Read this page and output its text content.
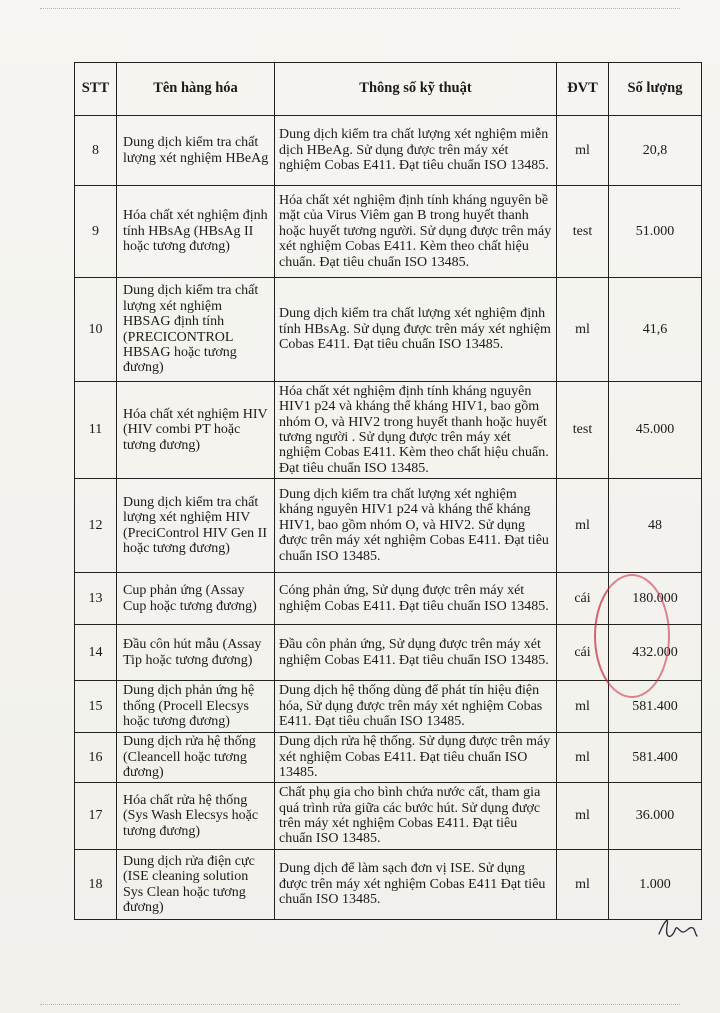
STT	Tên hàng hóa	Thông số kỹ thuật	ĐVT	Số lượng
8	Dung dịch kiểm tra chất lượng xét nghiệm HBeAg	Dung dịch kiểm tra chất lượng xét nghiệm miễn dịch HBeAg. Sử dụng được trên máy xét nghiệm Cobas E411. Đạt tiêu chuẩn ISO 13485.	ml	20,8
9	Hóa chất xét nghiệm định tính HBsAg (HBsAg II hoặc tương đương)	Hóa chất xét nghiệm định tính kháng nguyên bề mặt của Virus Viêm gan B trong huyết thanh hoặc huyết tương người. Sử dụng được trên máy xét nghiệm Cobas E411. Kèm theo chất hiệu chuẩn. Đạt tiêu chuẩn ISO 13485.	test	51.000
10	Dung dịch kiểm tra chất lượng xét nghiệm HBSAG định tính (PRECICONTROL HBSAG hoặc tương đương)	Dung dịch kiểm tra chất lượng xét nghiệm định tính HBsAg. Sử dụng được trên máy xét nghiệm Cobas E411. Đạt tiêu chuẩn ISO 13485.	ml	41,6
11	Hóa chất xét nghiệm HIV (HIV combi PT hoặc tương đương)	Hóa chất xét nghiệm định tính kháng nguyên HIV1 p24 và kháng thể kháng HIV1, bao gồm nhóm O, và HIV2 trong huyết thanh hoặc huyết tương người . Sử dụng được trên máy xét nghiệm Cobas E411. Kèm theo chất hiệu chuẩn. Đạt tiêu chuẩn ISO 13485.	test	45.000
12	Dung dịch kiểm tra chất lượng xét nghiệm HIV (PreciControl HIV Gen II hoặc tương đương)	Dung dịch kiểm tra chất lượng xét nghiệm kháng nguyên HIV1 p24 và kháng thể kháng HIV1, bao gồm nhóm O, và HIV2. Sử dụng được trên máy xét nghiệm Cobas E411. Đạt tiêu chuẩn ISO 13485.	ml	48
13	Cup phản ứng (Assay Cup hoặc tương đương)	Cóng phản ứng, Sử dụng được trên máy xét nghiệm Cobas E411. Đạt tiêu chuẩn ISO 13485.	cái	180.000
14	Đầu côn hút mẫu (Assay Tip hoặc tương đương)	Đầu côn phản ứng, Sử dụng được trên máy xét nghiệm Cobas E411. Đạt tiêu chuẩn ISO 13485.	cái	432.000
15	Dung dịch phản ứng hệ thống (Procell Elecsys hoặc tương đương)	Dung dịch hệ thống dùng để phát tín hiệu điện hóa, Sử dụng được trên máy xét nghiệm Cobas E411. Đạt tiêu chuẩn ISO 13485.	ml	581.400
16	Dung dịch rửa hệ thống (Cleancell hoặc tương đương)	Dung dịch rửa hệ thống. Sử dụng được trên máy xét nghiệm Cobas E411. Đạt tiêu chuẩn ISO 13485.	ml	581.400
17	Hóa chất rửa hệ thống (Sys Wash Elecsys hoặc tương đương)	Chất phụ gia cho bình chứa nước cất, tham gia quá trình rửa giữa các bước hút. Sử dụng được trên máy xét nghiệm Cobas E411. Đạt tiêu chuẩn ISO 13485.	ml	36.000
18	Dung dịch rửa điện cực (ISE cleaning solution Sys Clean hoặc tương đương)	Dung dịch để làm sạch đơn vị ISE. Sử dụng được trên máy xét nghiệm Cobas E411 Đạt tiêu chuẩn ISO 13485.	ml	1.000
